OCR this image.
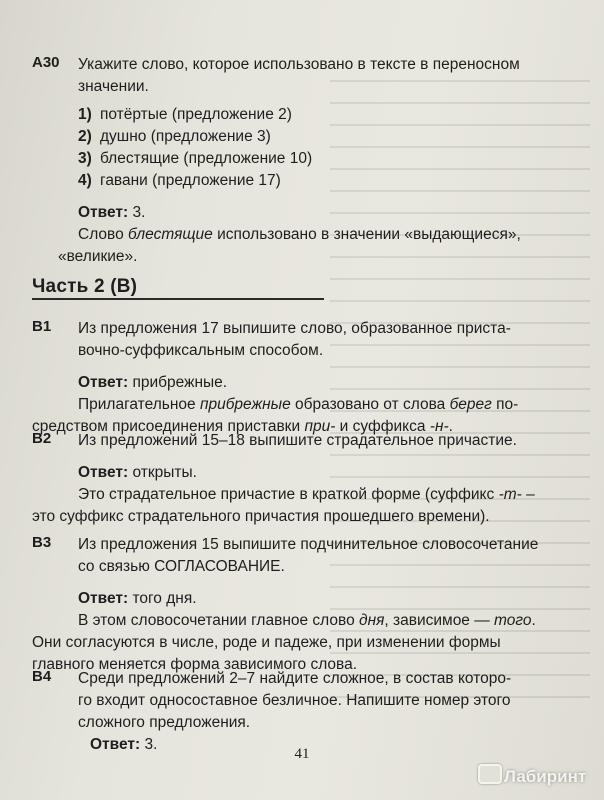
А30	Укажите слово, которое использовано в тексте в переносном
значении.
1) потёртые (предложение 2)
2) душно (предложение 3)
3) блестящие (предложение 10)
4) гавани (предложение 17)
Ответ: 3.
Слово блестящие использовано в значении «выдающиеся»,
«великие».
Часть 2 (В)
В1	Из предложения 17 выпишите слово, образованное приста-
вочно-суффиксальным способом.
Ответ: прибрежные.
Прилагательное прибрежные образовано от слова берег по-
средством присоединения приставки при- и суффикса -н-.
В2	Из предложений 15–18 выпишите страдательное причастие.
Ответ: открыты.
Это страдательное причастие в краткой форме (суффикс -т- –
это суффикс страдательного причастия прошедшего времени).
В3	Из предложения 15 выпишите подчинительное словосочетание
со связью СОГЛАСОВАНИЕ.
Ответ: того дня.
В этом словосочетании главное слово дня, зависимое — того.
Они согласуются в числе, роде и падеже, при изменении формы
главного меняется форма зависимого слова.
В4	Среди предложений 2–7 найдите сложное, в состав которо-
го входит односоставное безличное. Напишите номер этого
сложного предложения.
Ответ: 3.
41
Лабиринт
